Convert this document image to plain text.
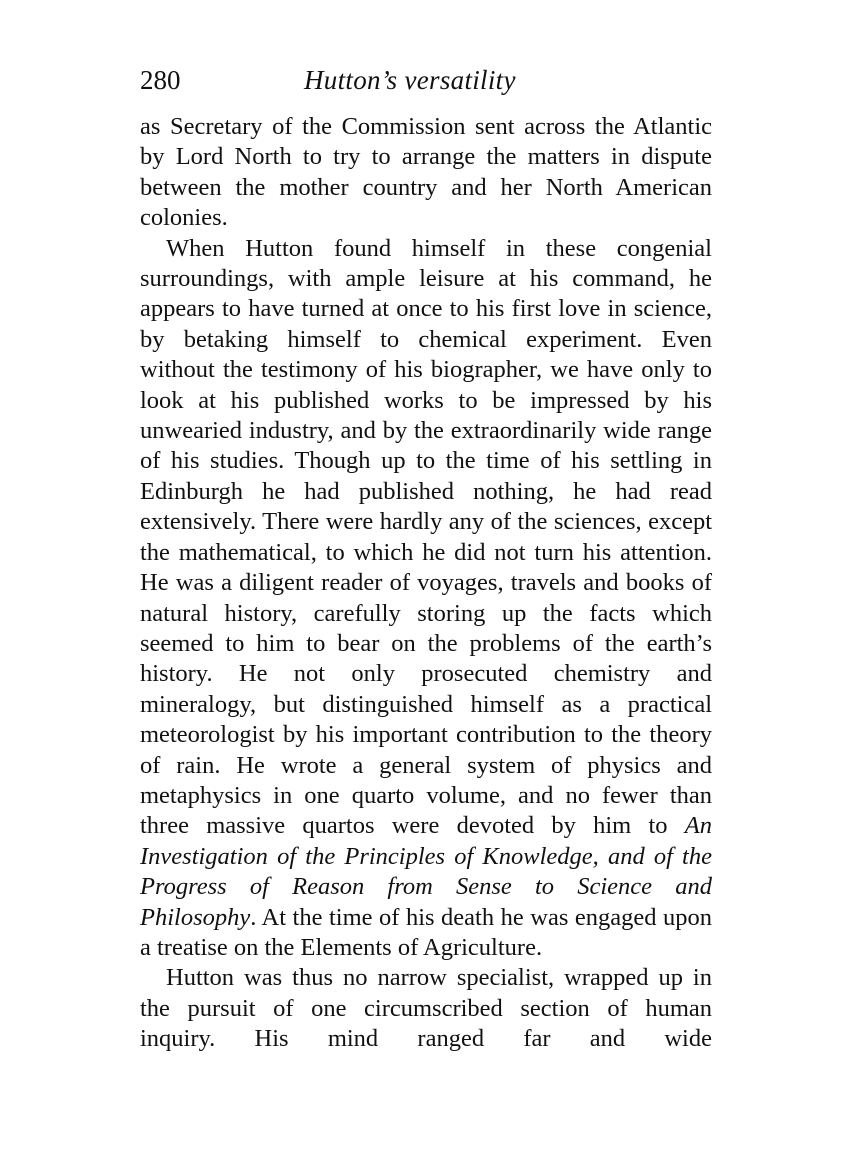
280	Hutton’s versatility

as Secretary of the Commission sent across the Atlantic by Lord North to try to arrange the matters in dispute between the mother country and her North American colonies.

When Hutton found himself in these congenial surroundings, with ample leisure at his command, he appears to have turned at once to his first love in science, by betaking himself to chemical experiment. Even without the testimony of his biographer, we have only to look at his published works to be impressed by his unwearied industry, and by the extraordinarily wide range of his studies. Though up to the time of his settling in Edinburgh he had published nothing, he had read extensively. There were hardly any of the sciences, except the mathematical, to which he did not turn his attention. He was a diligent reader of voyages, travels and books of natural history, carefully storing up the facts which seemed to him to bear on the problems of the earth’s history. He not only prosecuted chemistry and mineralogy, but distinguished himself as a practical meteorologist by his important contribution to the theory of rain. He wrote a general system of physics and metaphysics in one quarto volume, and no fewer than three massive quartos were devoted by him to An Investigation of the Principles of Knowledge, and of the Progress of Reason from Sense to Science and Philosophy. At the time of his death he was engaged upon a treatise on the Elements of Agriculture.

Hutton was thus no narrow specialist, wrapped up in the pursuit of one circumscribed section of human inquiry. His mind ranged far and wide
